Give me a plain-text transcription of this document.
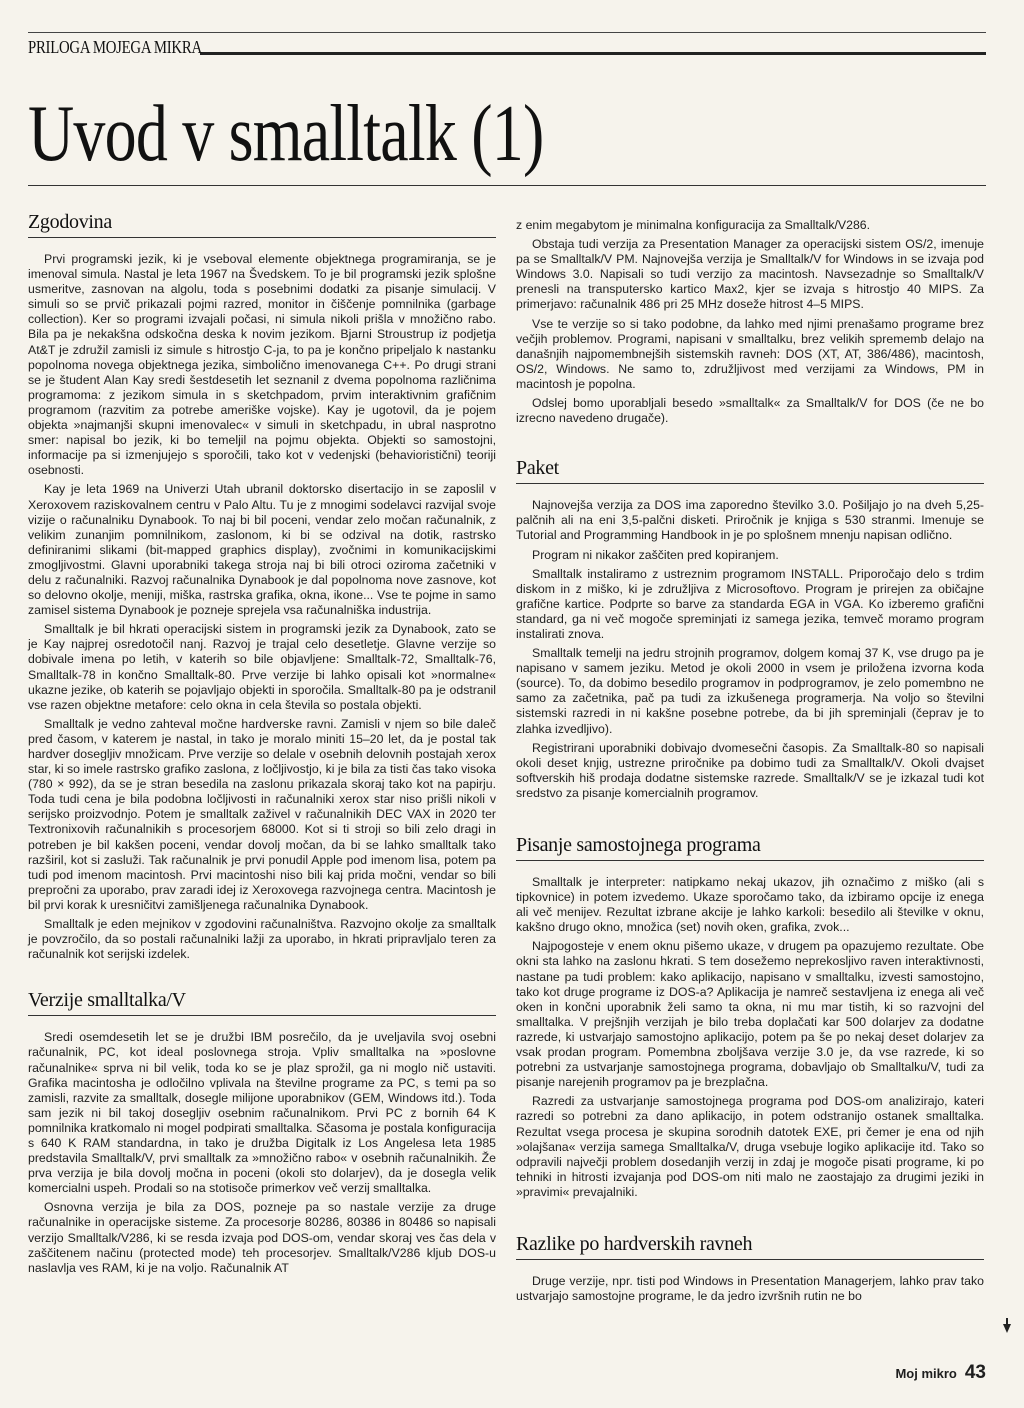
PRILOGA MOJEGA MIKRA
Uvod v smalltalk (1)
Zgodovina

Prvi programski jezik, ki je vseboval elemente objektnega programiranja, se je imenoval simula. Nastal je leta 1967 na Švedskem. To je bil programski jezik splošne usmeritve, zasnovan na algolu, toda s posebnimi dodatki za pisanje simulacij. V simuli so se prvič prikazali pojmi razred, monitor in čiščenje pomnilnika (garbage collection). Ker so programi izvajali počasi, ni simula nikoli prišla v množično rabo. Bila pa je nekakšna odskočna deska k novim jezikom. Bjarni Stroustrup iz podjetja At&T je združil zamisli iz simule s hitrostjo C-ja, to pa je končno pripeljalo k nastanku popolnoma novega objektnega jezika, simbolično imenovanega C++. Po drugi strani se je študent Alan Kay sredi šestdesetih let seznanil z dvema popolnoma različnima programoma: z jezikom simula in s sketchpadom, prvim interaktivnim grafičnim programom (razvitim za potrebe ameriške vojske). Kay je ugotovil, da je pojem objekta »najmanjši skupni imenovalec« v simuli in sketchpadu, in ubral nasprotno smer: napisal bo jezik, ki bo temeljil na pojmu objekta. Objekti so samostojni, informacije pa si izmenjujejo s sporočili, tako kot v vedenjski (behavioristični) teoriji osebnosti.

Kay je leta 1969 na Univerzi Utah ubranil doktorsko disertacijo in se zaposlil v Xeroxovem raziskovalnem centru v Palo Altu. Tu je z mnogimi sodelavci razvijal svoje vizije o računalniku Dynabook. To naj bi bil poceni, vendar zelo močan računalnik, z velikim zunanjim pomnilnikom, zaslonom, ki bi se odzival na dotik, rastrsko definiranimi slikami (bit-mapped graphics display), zvočnimi in komunikacijskimi zmogljivostmi. Glavni uporabniki takega stroja naj bi bili otroci oziroma začetniki v delu z računalniki. Razvoj računalnika Dynabook je dal popolnoma nove zasnove, kot so delovno okolje, meniji, miška, rastrska grafika, okna, ikone... Vse te pojme in samo zamisel sistema Dynabook je pozneje sprejela vsa računalniška industrija.

Smalltalk je bil hkrati operacijski sistem in programski jezik za Dynabook, zato se je Kay najprej osredotočil nanj. Razvoj je trajal celo desetletje. Glavne verzije so dobivale imena po letih, v katerih so bile objavljene: Smalltalk-72, Smalltalk-76, Smalltalk-78 in končno Smalltalk-80. Prve verzije bi lahko opisali kot »normalne« ukazne jezike, ob katerih se pojavljajo objekti in sporočila. Smalltalk-80 pa je odstranil vse razen objektne metafore: celo okna in cela števila so postala objekti.

Smalltalk je vedno zahteval močne hardverske ravni. Zamisli v njem so bile daleč pred časom, v katerem je nastal, in tako je moralo miniti 15–20 let, da je postal tak hardver dosegljiv množicam. Prve verzije so delale v osebnih delovnih postajah xerox star, ki so imele rastrsko grafiko zaslona, z ločljivostjo, ki je bila za tisti čas tako visoka (780 × 992), da se je stran besedila na zaslonu prikazala skoraj tako kot na papirju. Toda tudi cena je bila podobna ločljivosti in računalniki xerox star niso prišli nikoli v serijsko proizvodnjo. Potem je smalltalk zaživel v računalnikih DEC VAX in 2020 ter Textronixovih računalnikih s procesorjem 68000. Kot si ti stroji so bili zelo dragi in potreben je bil kakšen poceni, vendar dovolj močan, da bi se lahko smalltalk tako razširil, kot si zasluži. Tak računalnik je prvi ponudil Apple pod imenom lisa, potem pa tudi pod imenom macintosh. Prvi macintoshi niso bili kaj prida močni, vendar so bili prepročni za uporabo, prav zaradi idej iz Xeroxovega razvojnega centra. Macintosh je bil prvi korak k uresničitvi zamišljenega računalnika Dynabook.

Smalltalk je eden mejnikov v zgodovini računalništva. Razvojno okolje za smalltalk je povzročilo, da so postali računalniki lažji za uporabo, in hkrati pripravljalo teren za računalnik kot serijski izdelek.

Verzije smalltalka/V

Sredi osemdesetih let se je družbi IBM posrečilo, da je uveljavila svoj osebni računalnik, PC, kot ideal poslovnega stroja. Vpliv smalltalka na »poslovne računalnike« sprva ni bil velik, toda ko se je plaz sprožil, ga ni moglo nič ustaviti. Grafika macintosha je odločilno vplivala na številne programe za PC, s temi pa so zamisli, razvite za smalltalk, dosegle milijone uporabnikov (GEM, Windows itd.). Toda sam jezik ni bil takoj dosegljiv osebnim računalnikom. Prvi PC z bornih 64 K pomnilnika kratkomalo ni mogel podpirati smalltalka. Sčasoma je postala konfiguracija s 640 K RAM standardna, in tako je družba Digitalk iz Los Angelesa leta 1985 predstavila Smalltalk/V, prvi smalltalk za »množično rabo« v osebnih računalnikih. Že prva verzija je bila dovolj močna in poceni (okoli sto dolarjev), da je dosegla velik komercialni uspeh. Prodali so na stotisoče primerkov več verzij smalltalka.

Osnovna verzija je bila za DOS, pozneje pa so nastale verzije za druge računalnike in operacijske sisteme. Za procesorje 80286, 80386 in 80486 so napisali verzijo Smalltalk/V286, ki se resda izvaja pod DOS-om, vendar skoraj ves čas dela v zaščitenem načinu (protected mode) teh procesorjev. Smalltalk/V286 kljub DOS-u naslavlja ves RAM, ki je na voljo. Računalnik AT

z enim megabytom je minimalna konfiguracija za Smalltalk/V286.

Obstaja tudi verzija za Presentation Manager za operacijski sistem OS/2, imenuje pa se Smalltalk/V PM. Najnovejša verzija je Smalltalk/V for Windows in se izvaja pod Windows 3.0. Napisali so tudi verzijo za macintosh. Navsezadnje so Smalltalk/V prenesli na transputersko kartico Max2, kjer se izvaja s hitrostjo 40 MIPS. Za primerjavo: računalnik 486 pri 25 MHz doseže hitrost 4–5 MIPS.

Vse te verzije so si tako podobne, da lahko med njimi prenašamo programe brez večjih problemov. Programi, napisani v smalltalku, brez velikih sprememb delajo na današnjih najpomembnejših sistemskih ravneh: DOS (XT, AT, 386/486), macintosh, OS/2, Windows. Ne samo to, združljivost med verzijami za Windows, PM in macintosh je popolna.

Odslej bomo uporabljali besedo »smalltalk« za Smalltalk/V for DOS (če ne bo izrecno navedeno drugače).

Paket

Najnovejša verzija za DOS ima zaporedno številko 3.0. Pošiljajo jo na dveh 5,25-palčnih ali na eni 3,5-palčni disketi. Priročnik je knjiga s 530 stranmi. Imenuje se Tutorial and Programming Handbook in je po splošnem mnenju napisan odlično.

Program ni nikakor zaščiten pred kopiranjem.

Smalltalk instaliramo z ustreznim programom INSTALL. Priporočajo delo s trdim diskom in z miško, ki je združljiva z Microsoftovo. Program je prirejen za običajne grafične kartice. Podprte so barve za standarda EGA in VGA. Ko izberemo grafični standard, ga ni več mogoče spreminjati iz samega jezika, temveč moramo program instalirati znova.

Smalltalk temelji na jedru strojnih programov, dolgem komaj 37 K, vse drugo pa je napisano v samem jeziku. Metod je okoli 2000 in vsem je priložena izvorna koda (source). To, da dobimo besedilo programov in podprogramov, je zelo pomembno ne samo za začetnika, pač pa tudi za izkušenega programerja. Na voljo so številni sistemski razredi in ni kakšne posebne potrebe, da bi jih spreminjali (čeprav je to zlahka izvedljivo).

Registrirani uporabniki dobivajo dvomesečni časopis. Za Smalltalk-80 so napisali okoli deset knjig, ustrezne priročnike pa dobimo tudi za Smalltalk/V. Okoli dvajset softverskih hiš prodaja dodatne sistemske razrede. Smalltalk/V se je izkazal tudi kot sredstvo za pisanje komercialnih programov.

Pisanje samostojnega programa

Smalltalk je interpreter: natipkamo nekaj ukazov, jih označimo z miško (ali s tipkovnice) in potem izvedemo. Ukaze sporočamo tako, da izbiramo opcije iz enega ali več menijev. Rezultat izbrane akcije je lahko karkoli: besedilo ali številke v oknu, kakšno drugo okno, množica (set) novih oken, grafika, zvok...

Najpogosteje v enem oknu pišemo ukaze, v drugem pa opazujemo rezultate. Obe okni sta lahko na zaslonu hkrati. S tem dosežemo neprekosljivo raven interaktivnosti, nastane pa tudi problem: kako aplikacijo, napisano v smalltalku, izvesti samostojno, tako kot druge programe iz DOS-a? Aplikacija je namreč sestavljena iz enega ali več oken in končni uporabnik želi samo ta okna, ni mu mar tistih, ki so razvojni del smalltalka. V prejšnjih verzijah je bilo treba doplačati kar 500 dolarjev za dodatne razrede, ki ustvarjajo samostojno aplikacijo, potem pa še po nekaj deset dolarjev za vsak prodan program. Pomembna zboljšava verzije 3.0 je, da vse razrede, ki so potrebni za ustvarjanje samostojnega programa, dobavljajo ob Smalltalku/V, tudi za pisanje narejenih programov pa je brezplačna.

Razredi za ustvarjanje samostojnega programa pod DOS-om analizirajo, kateri razredi so potrebni za dano aplikacijo, in potem odstranijo ostanek smalltalka. Rezultat vsega procesa je skupina sorodnih datotek EXE, pri čemer je ena od njih »olajšana« verzija samega Smalltalka/V, druga vsebuje logiko aplikacije itd. Tako so odpravili največji problem dosedanjih verzij in zdaj je mogoče pisati programe, ki po tehniki in hitrosti izvajanja pod DOS-om niti malo ne zaostajajo za drugimi jeziki in »pravimi« prevajalniki.

Razlike po hardverskih ravneh

Druge verzije, npr. tisti pod Windows in Presentation Managerjem, lahko prav tako ustvarjajo samostojne programe, le da jedro izvršnih rutin ne bo

Moj mikro 43
